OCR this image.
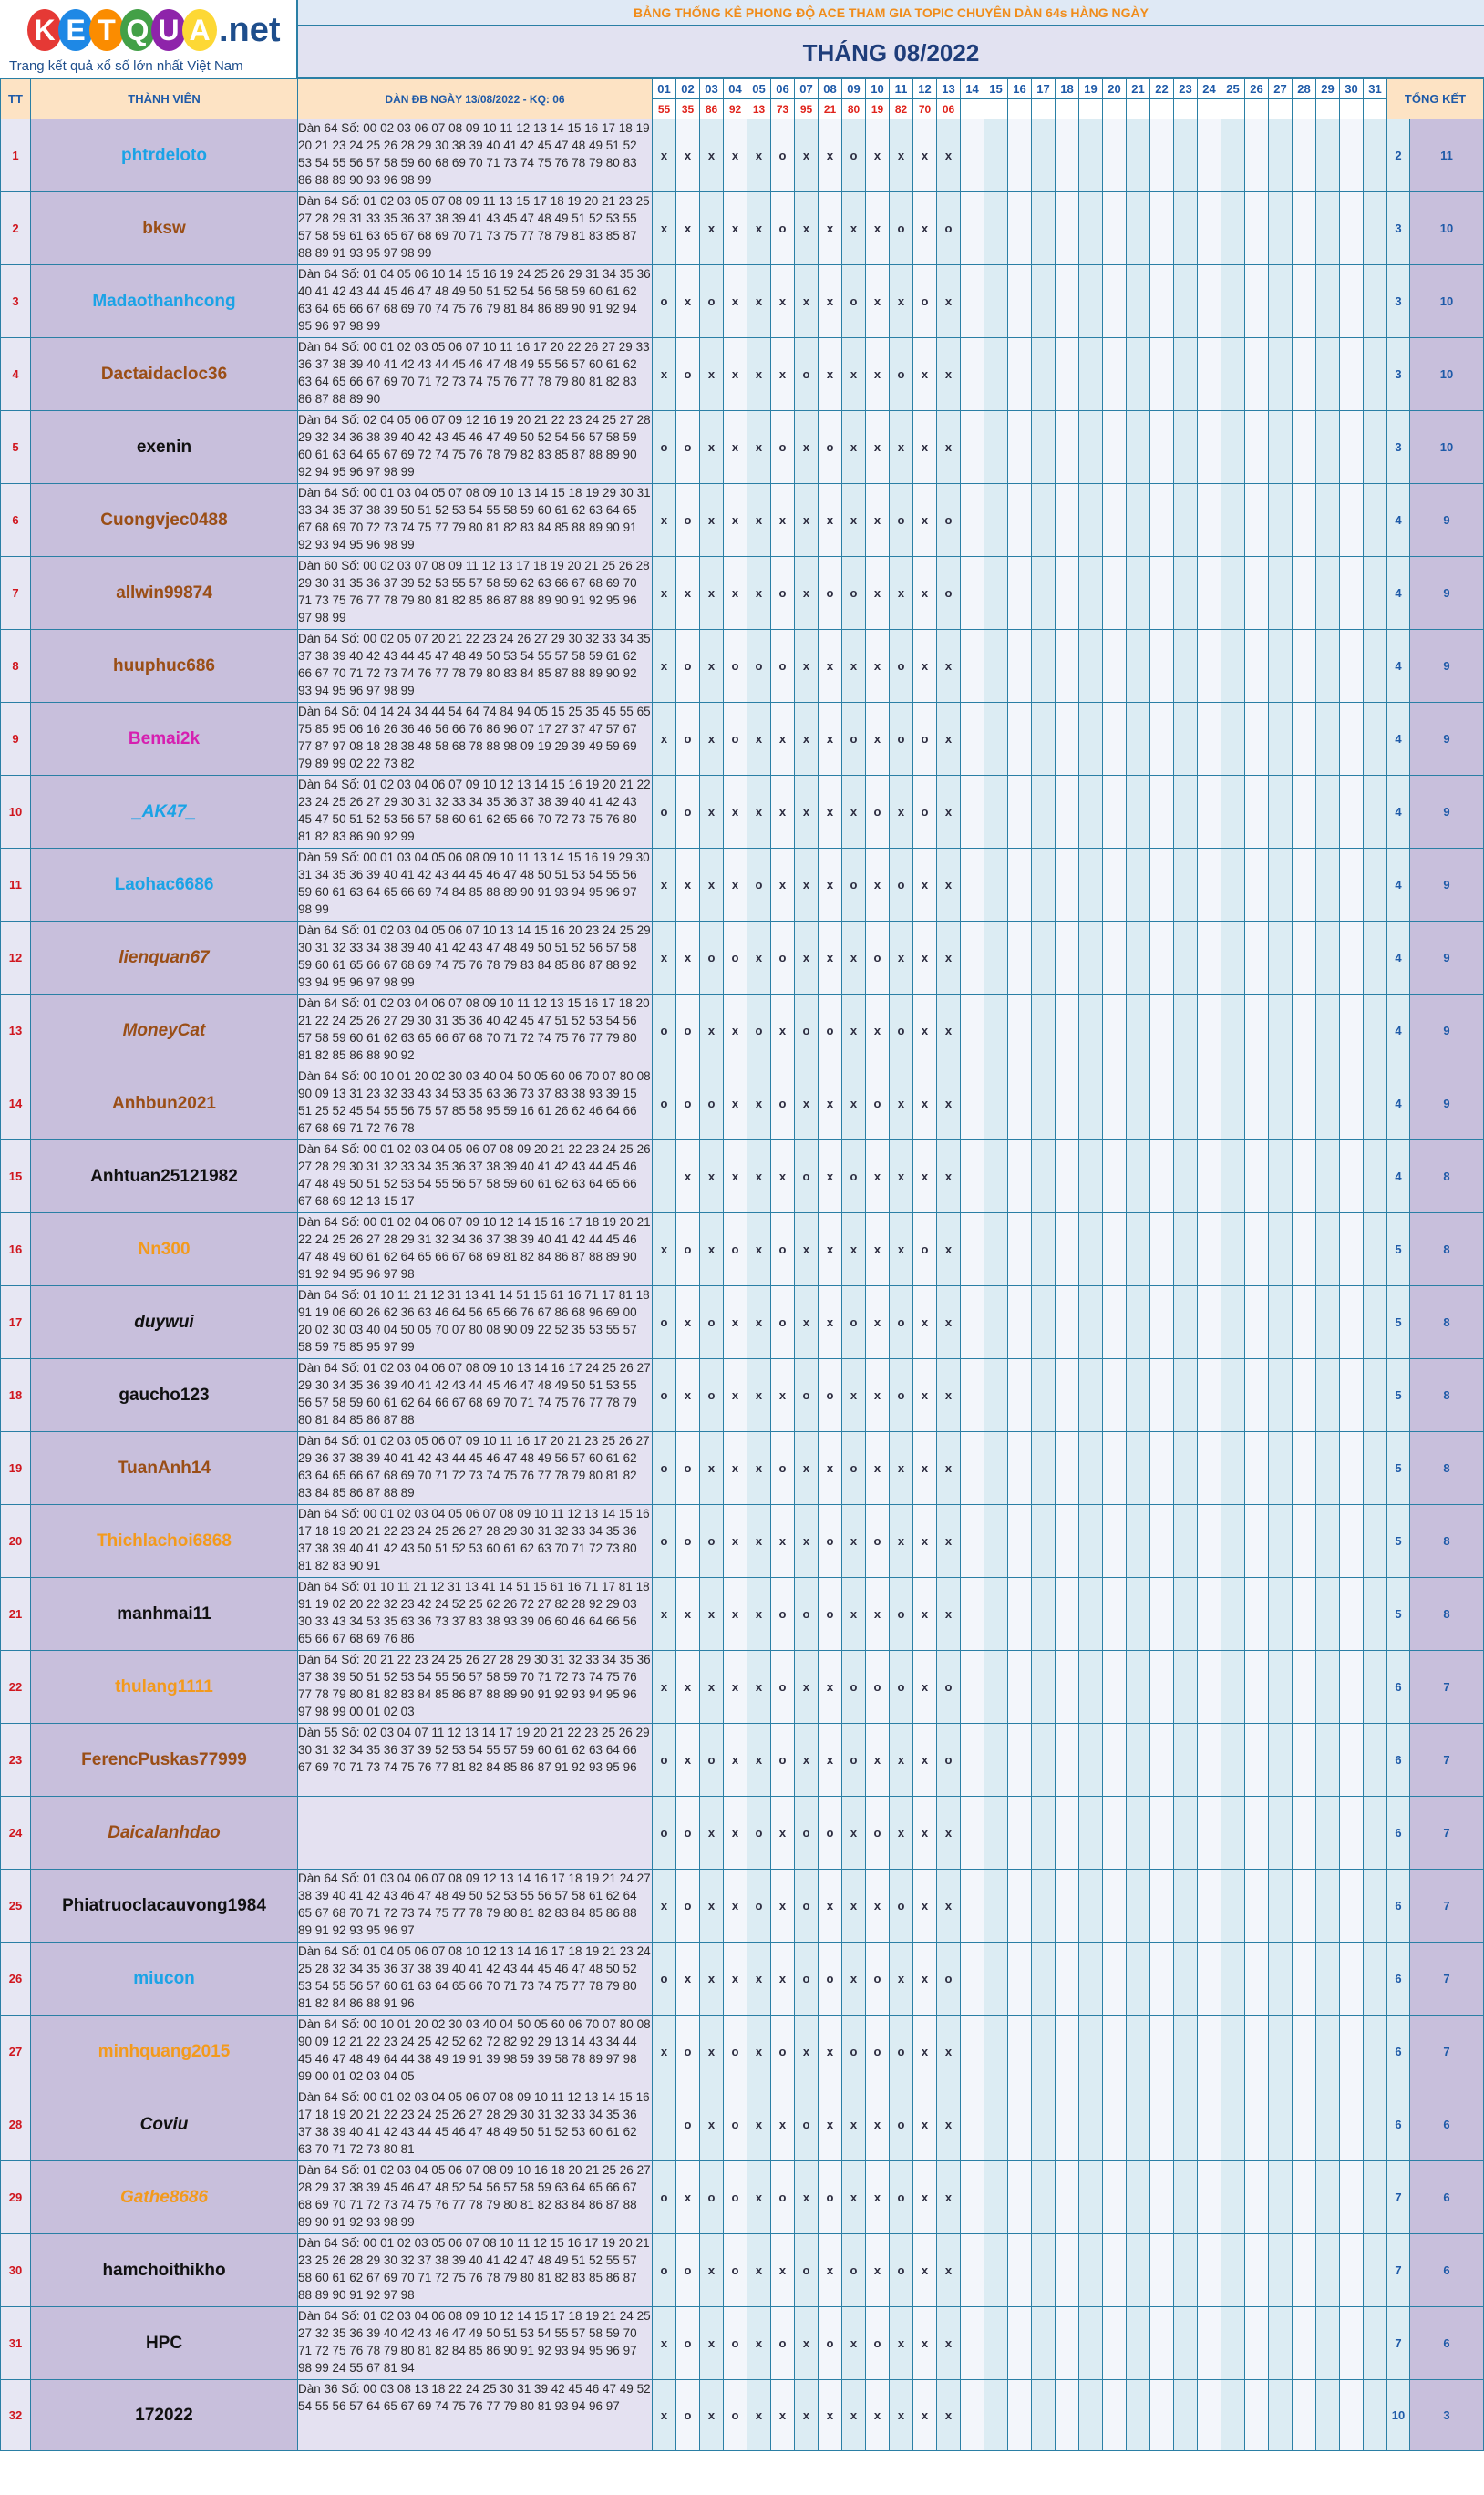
K E T Q U A .net
Trang kết quả xổ số lớn nhất Việt Nam
BẢNG THỐNG KÊ PHONG ĐỘ ACE THAM GIA TOPIC CHUYÊN DÀN 64s HÀNG NGÀY
THÁNG 08/2022
TT	THÀNH VIÊN	DÀN ĐB NGÀY 13/08/2022 - KQ: 06	01	02	03	04	05	06	07	08	09	10	11	12	13	14	15	16	17	18	19	20	21	22	23	24	25	26	27	28	29	30	31	TỔNG KẾT	
			55	35	86	92	13	73	95	21	80	19	82	70	06																				
1	phtrdeloto	Dàn 64 Số: 00 02 03 06 07 08 09 10 11 12 13 14 15 16 17 18 19 20 21 23 24 25 26 28 29 30 38 39 40 41 42 45 47 48 49 51 52 53 54 55 56 57 58 59 60 68 69 70 71 73 74 75 76 78 79 80 83 86 88 89 90 93 96 98 99	x	x	x	x	x	o	x	x	o	x	x	x	x																			2	11
2	bksw	Dàn 64 Số: 01 02 03 05 07 08 09 11 13 15 17 18 19 20 21 23 25 27 28 29 31 33 35 36 37 38 39 41 43 45 47 48 49 51 52 53 55 57 58 59 61 63 65 67 68 69 70 71 73 75 77 78 79 81 83 85 87 88 89 91 93 95 97 98 99	x	x	x	x	x	o	x	x	x	x	o	x	o																			3	10
3	Madaothanhcong	Dàn 64 Số: 01 04 05 06 10 14 15 16 19 24 25 26 29 31 34 35 36 40 41 42 43 44 45 46 47 48 49 50 51 52 54 56 58 59 60 61 62 63 64 65 66 67 68 69 70 74 75 76 79 81 84 86 89 90 91 92 94 95 96 97 98 99	o	x	o	x	x	x	x	x	o	x	x	o	x																			3	10
4	Dactaidacloc36	Dàn 64 Số: 00 01 02 03 05 06 07 10 11 16 17 20 22 26 27 29 33 36 37 38 39 40 41 42 43 44 45 46 47 48 49 55 56 57 60 61 62 63 64 65 66 67 69 70 71 72 73 74 75 76 77 78 79 80 81 82 83 86 87 88 89 90	x	o	x	x	x	x	o	x	x	x	o	x	x																			3	10
5	exenin	Dàn 64 Số: 02 04 05 06 07 09 12 16 19 20 21 22 23 24 25 27 28 29 32 34 36 38 39 40 42 43 45 46 47 49 50 52 54 56 57 58 59 60 61 63 64 65 67 69 72 74 75 76 78 79 82 83 85 87 88 89 90 92 94 95 96 97 98 99	o	o	x	x	x	o	x	o	x	x	x	x	x																			3	10
6	Cuongvjec0488	Dàn 64 Số: 00 01 03 04 05 07 08 09 10 13 14 15 18 19 29 30 31 33 34 35 37 38 39 50 51 52 53 54 55 58 59 60 61 62 63 64 65 67 68 69 70 72 73 74 75 77 79 80 81 82 83 84 85 88 89 90 91 92 93 94 95 96 98 99	x	o	x	x	x	x	x	x	x	x	o	x	o																			4	9
7	allwin99874	Dàn 60 Số: 00 02 03 07 08 09 11 12 13 17 18 19 20 21 25 26 28 29 30 31 35 36 37 39 52 53 55 57 58 59 62 63 66 67 68 69 70 71 73 75 76 77 78 79 80 81 82 85 86 87 88 89 90 91 92 95 96 97 98 99	x	x	x	x	x	o	x	o	o	x	x	x	o																			4	9
8	huuphuc686	Dàn 64 Số: 00 02 05 07 20 21 22 23 24 26 27 29 30 32 33 34 35 37 38 39 40 42 43 44 45 47 48 49 50 53 54 55 57 58 59 61 62 66 67 70 71 72 73 74 76 77 78 79 80 83 84 85 87 88 89 90 92 93 94 95 96 97 98 99	x	o	x	o	o	o	x	x	x	x	o	x	x																			4	9
9	Bemai2k	Dàn 64 Số: 04 14 24 34 44 54 64 74 84 94 05 15 25 35 45 55 65 75 85 95 06 16 26 36 46 56 66 76 86 96 07 17 27 37 47 57 67 77 87 97 08 18 28 38 48 58 68 78 88 98 09 19 29 39 49 59 69 79 89 99 02 22 73 82	x	o	x	o	x	x	x	x	o	x	o	o	x																			4	9
10	_AK47_	Dàn 64 Số: 01 02 03 04 06 07 09 10 12 13 14 15 16 19 20 21 22 23 24 25 26 27 29 30 31 32 33 34 35 36 37 38 39 40 41 42 43 45 47 50 51 52 53 56 57 58 60 61 62 65 66 70 72 73 75 76 80 81 82 83 86 90 92 99	o	o	x	x	x	x	x	x	x	o	x	o	x																			4	9
11	Laohac6686	Dàn 59 Số: 00 01 03 04 05 06 08 09 10 11 13 14 15 16 19 29 30 31 34 35 36 39 40 41 42 43 44 45 46 47 48 50 51 53 54 55 56 59 60 61 63 64 65 66 69 74 84 85 88 89 90 91 93 94 95 96 97 98 99	x	x	x	x	o	x	x	x	o	x	o	x	x																			4	9
12	lienquan67	Dàn 64 Số: 01 02 03 04 05 06 07 10 13 14 15 16 20 23 24 25 29 30 31 32 33 34 38 39 40 41 42 43 47 48 49 50 51 52 56 57 58 59 60 61 65 66 67 68 69 74 75 76 78 79 83 84 85 86 87 88 92 93 94 95 96 97 98 99	x	x	o	o	x	o	x	x	x	o	x	x	x																			4	9
13	MoneyCat	Dàn 64 Số: 01 02 03 04 06 07 08 09 10 11 12 13 15 16 17 18 20 21 22 24 25 26 27 29 30 31 35 36 40 42 45 47 51 52 53 54 56 57 58 59 60 61 62 63 65 66 67 68 70 71 72 74 75 76 77 79 80 81 82 85 86 88 90 92	o	o	x	x	o	x	o	o	x	x	o	x	x																			4	9
14	Anhbun2021	Dàn 64 Số: 00 10 01 20 02 30 03 40 04 50 05 60 06 70 07 80 08 90 09 13 31 23 32 33 43 34 53 35 63 36 73 37 83 38 93 39 15 51 25 52 45 54 55 56 75 57 85 58 95 59 16 61 26 62 46 64 66 67 68 69 71 72 76 78	o	o	o	x	x	o	x	x	x	o	x	x	x																			4	9
15	Anhtuan25121982	Dàn 64 Số: 00 01 02 03 04 05 06 07 08 09 20 21 22 23 24 25 26 27 28 29 30 31 32 33 34 35 36 37 38 39 40 41 42 43 44 45 46 47 48 49 50 51 52 53 54 55 56 57 58 59 60 61 62 63 64 65 66 67 68 69 12 13 15 17		x	x	x	x	x	o	x	o	x	x	x	x																			4	8
16	Nn300	Dàn 64 Số: 00 01 02 04 06 07 09 10 12 14 15 16 17 18 19 20 21 22 24 25 26 27 28 29 31 32 34 36 37 38 39 40 41 42 44 45 46 47 48 49 60 61 62 64 65 66 67 68 69 81 82 84 86 87 88 89 90 91 92 94 95 96 97 98	x	o	x	o	x	o	x	x	x	x	x	o	x																			5	8
17	duywui	Dàn 64 Số: 01 10 11 21 12 31 13 41 14 51 15 61 16 71 17 81 18 91 19 06 60 26 62 36 63 46 64 56 65 66 76 67 86 68 96 69 00 20 02 30 03 40 04 50 05 70 07 80 08 90 09 22 52 35 53 55 57 58 59 75 85 95 97 99	o	x	o	x	x	o	x	x	o	x	o	x	x																			5	8
18	gaucho123	Dàn 64 Số: 01 02 03 04 06 07 08 09 10 13 14 16 17 24 25 26 27 29 30 34 35 36 39 40 41 42 43 44 45 46 47 48 49 50 51 53 55 56 57 58 59 60 61 62 64 66 67 68 69 70 71 74 75 76 77 78 79 80 81 84 85 86 87 88	o	x	o	x	x	x	o	o	x	x	o	x	x																			5	8
19	TuanAnh14	Dàn 64 Số: 01 02 03 05 06 07 09 10 11 16 17 20 21 23 25 26 27 29 36 37 38 39 40 41 42 43 44 45 46 47 48 49 56 57 60 61 62 63 64 65 66 67 68 69 70 71 72 73 74 75 76 77 78 79 80 81 82 83 84 85 86 87 88 89	o	o	x	x	x	o	x	x	o	x	x	x	x																			5	8
20	Thichlachoi6868	Dàn 64 Số: 00 01 02 03 04 05 06 07 08 09 10 11 12 13 14 15 16 17 18 19 20 21 22 23 24 25 26 27 28 29 30 31 32 33 34 35 36 37 38 39 40 41 42 43 50 51 52 53 60 61 62 63 70 71 72 73 80 81 82 83 90 91	o	o	o	x	x	x	x	o	x	o	x	x	x																			5	8
21	manhmai11	Dàn 64 Số: 01 10 11 21 12 31 13 41 14 51 15 61 16 71 17 81 18 91 19 02 20 22 32 23 42 24 52 25 62 26 72 27 82 28 92 29 03 30 33 43 34 53 35 63 36 73 37 83 38 93 39 06 60 46 64 66 56 65 66 67 68 69 76 86	x	x	x	x	x	o	o	o	x	x	o	x	x																			5	8
22	thulang1111	Dàn 64 Số: 20 21 22 23 24 25 26 27 28 29 30 31 32 33 34 35 36 37 38 39 50 51 52 53 54 55 56 57 58 59 70 71 72 73 74 75 76 77 78 79 80 81 82 83 84 85 86 87 88 89 90 91 92 93 94 95 96 97 98 99 00 01 02 03	x	x	x	x	x	o	x	x	o	o	o	x	o																			6	7
23	FerencPuskas77999	Dàn 55 Số: 02 03 04 07 11 12 13 14 17 19 20 21 22 23 25 26 29 30 31 32 34 35 36 37 39 52 53 54 55 57 59 60 61 62 63 64 66 67 69 70 71 73 74 75 76 77 81 82 84 85 86 87 91 92 93 95 96	o	x	o	x	x	o	x	x	o	x	x	x	o																			6	7
24	Daicalanhdao		o	o	x	x	o	x	o	o	x	o	x	x	x																			6	7
25	Phiatruoclacauvong1984	Dàn 64 Số: 01 03 04 06 07 08 09 12 13 14 16 17 18 19 21 24 27 38 39 40 41 42 43 46 47 48 49 50 52 53 55 56 57 58 61 62 64 65 67 68 70 71 72 73 74 75 77 78 79 80 81 82 83 84 85 86 88 89 91 92 93 95 96 97	x	o	x	x	o	x	o	x	x	x	o	x	x																			6	7
26	miucon	Dàn 64 Số: 01 04 05 06 07 08 10 12 13 14 16 17 18 19 21 23 24 25 28 32 34 35 36 37 38 39 40 41 42 43 44 45 46 47 48 50 52 53 54 55 56 57 60 61 63 64 65 66 70 71 73 74 75 77 78 79 80 81 82 84 86 88 91 96	o	x	x	x	x	x	o	o	x	o	x	x	o																			6	7
27	minhquang2015	Dàn 64 Số: 00 10 01 20 02 30 03 40 04 50 05 60 06 70 07 80 08 90 09 12 21 22 23 24 25 42 52 62 72 82 92 29 13 14 43 34 44 45 46 47 48 49 64 44 38 49 19 91 39 98 59 39 58 78 89 97 98 99 00 01 02 03 04 05	x	o	x	o	x	o	x	x	o	o	o	x	x																			6	7
28	Coviu	Dàn 64 Số: 00 01 02 03 04 05 06 07 08 09 10 11 12 13 14 15 16 17 18 19 20 21 22 23 24 25 26 27 28 29 30 31 32 33 34 35 36 37 38 39 40 41 42 43 44 45 46 47 48 49 50 51 52 53 60 61 62 63 70 71 72 73 80 81		o	x	o	x	x	o	x	x	x	o	x	x																			6	6
29	Gathe8686	Dàn 64 Số: 01 02 03 04 05 06 07 08 09 10 16 18 20 21 25 26 27 28 29 37 38 39 45 46 47 48 52 54 56 57 58 59 63 64 65 66 67 68 69 70 71 72 73 74 75 76 77 78 79 80 81 82 83 84 86 87 88 89 90 91 92 93 98 99	o	x	o	o	x	o	x	o	x	x	o	x	x																			7	6
30	hamchoithikho	Dàn 64 Số: 00 01 02 03 05 06 07 08 10 11 12 15 16 17 19 20 21 23 25 26 28 29 30 32 37 38 39 40 41 42 47 48 49 51 52 55 57 58 60 61 62 67 69 70 71 72 75 76 78 79 80 81 82 83 85 86 87 88 89 90 91 92 97 98	o	o	x	o	x	x	o	x	o	x	o	x	x																			7	6
31	HPC	Dàn 64 Số: 01 02 03 04 06 08 09 10 12 14 15 17 18 19 21 24 25 27 32 35 36 39 40 42 43 46 47 49 50 51 53 54 55 57 58 59 70 71 72 75 76 78 79 80 81 82 84 85 86 90 91 92 93 94 95 96 97 98 99 24 55 67 81 94	x	o	x	o	x	o	x	o	x	o	x	x	x																			7	6
32	172022	Dàn 36 Số: 00 03 08 13 18 22 24 25 30 31 39 42 45 46 47 49 52 54 55 56 57 64 65 67 69 74 75 76 77 79 80 81 93 94 96 97	x	o	x	o	x	x	x	x	x	x	x	x	x																			10	3
